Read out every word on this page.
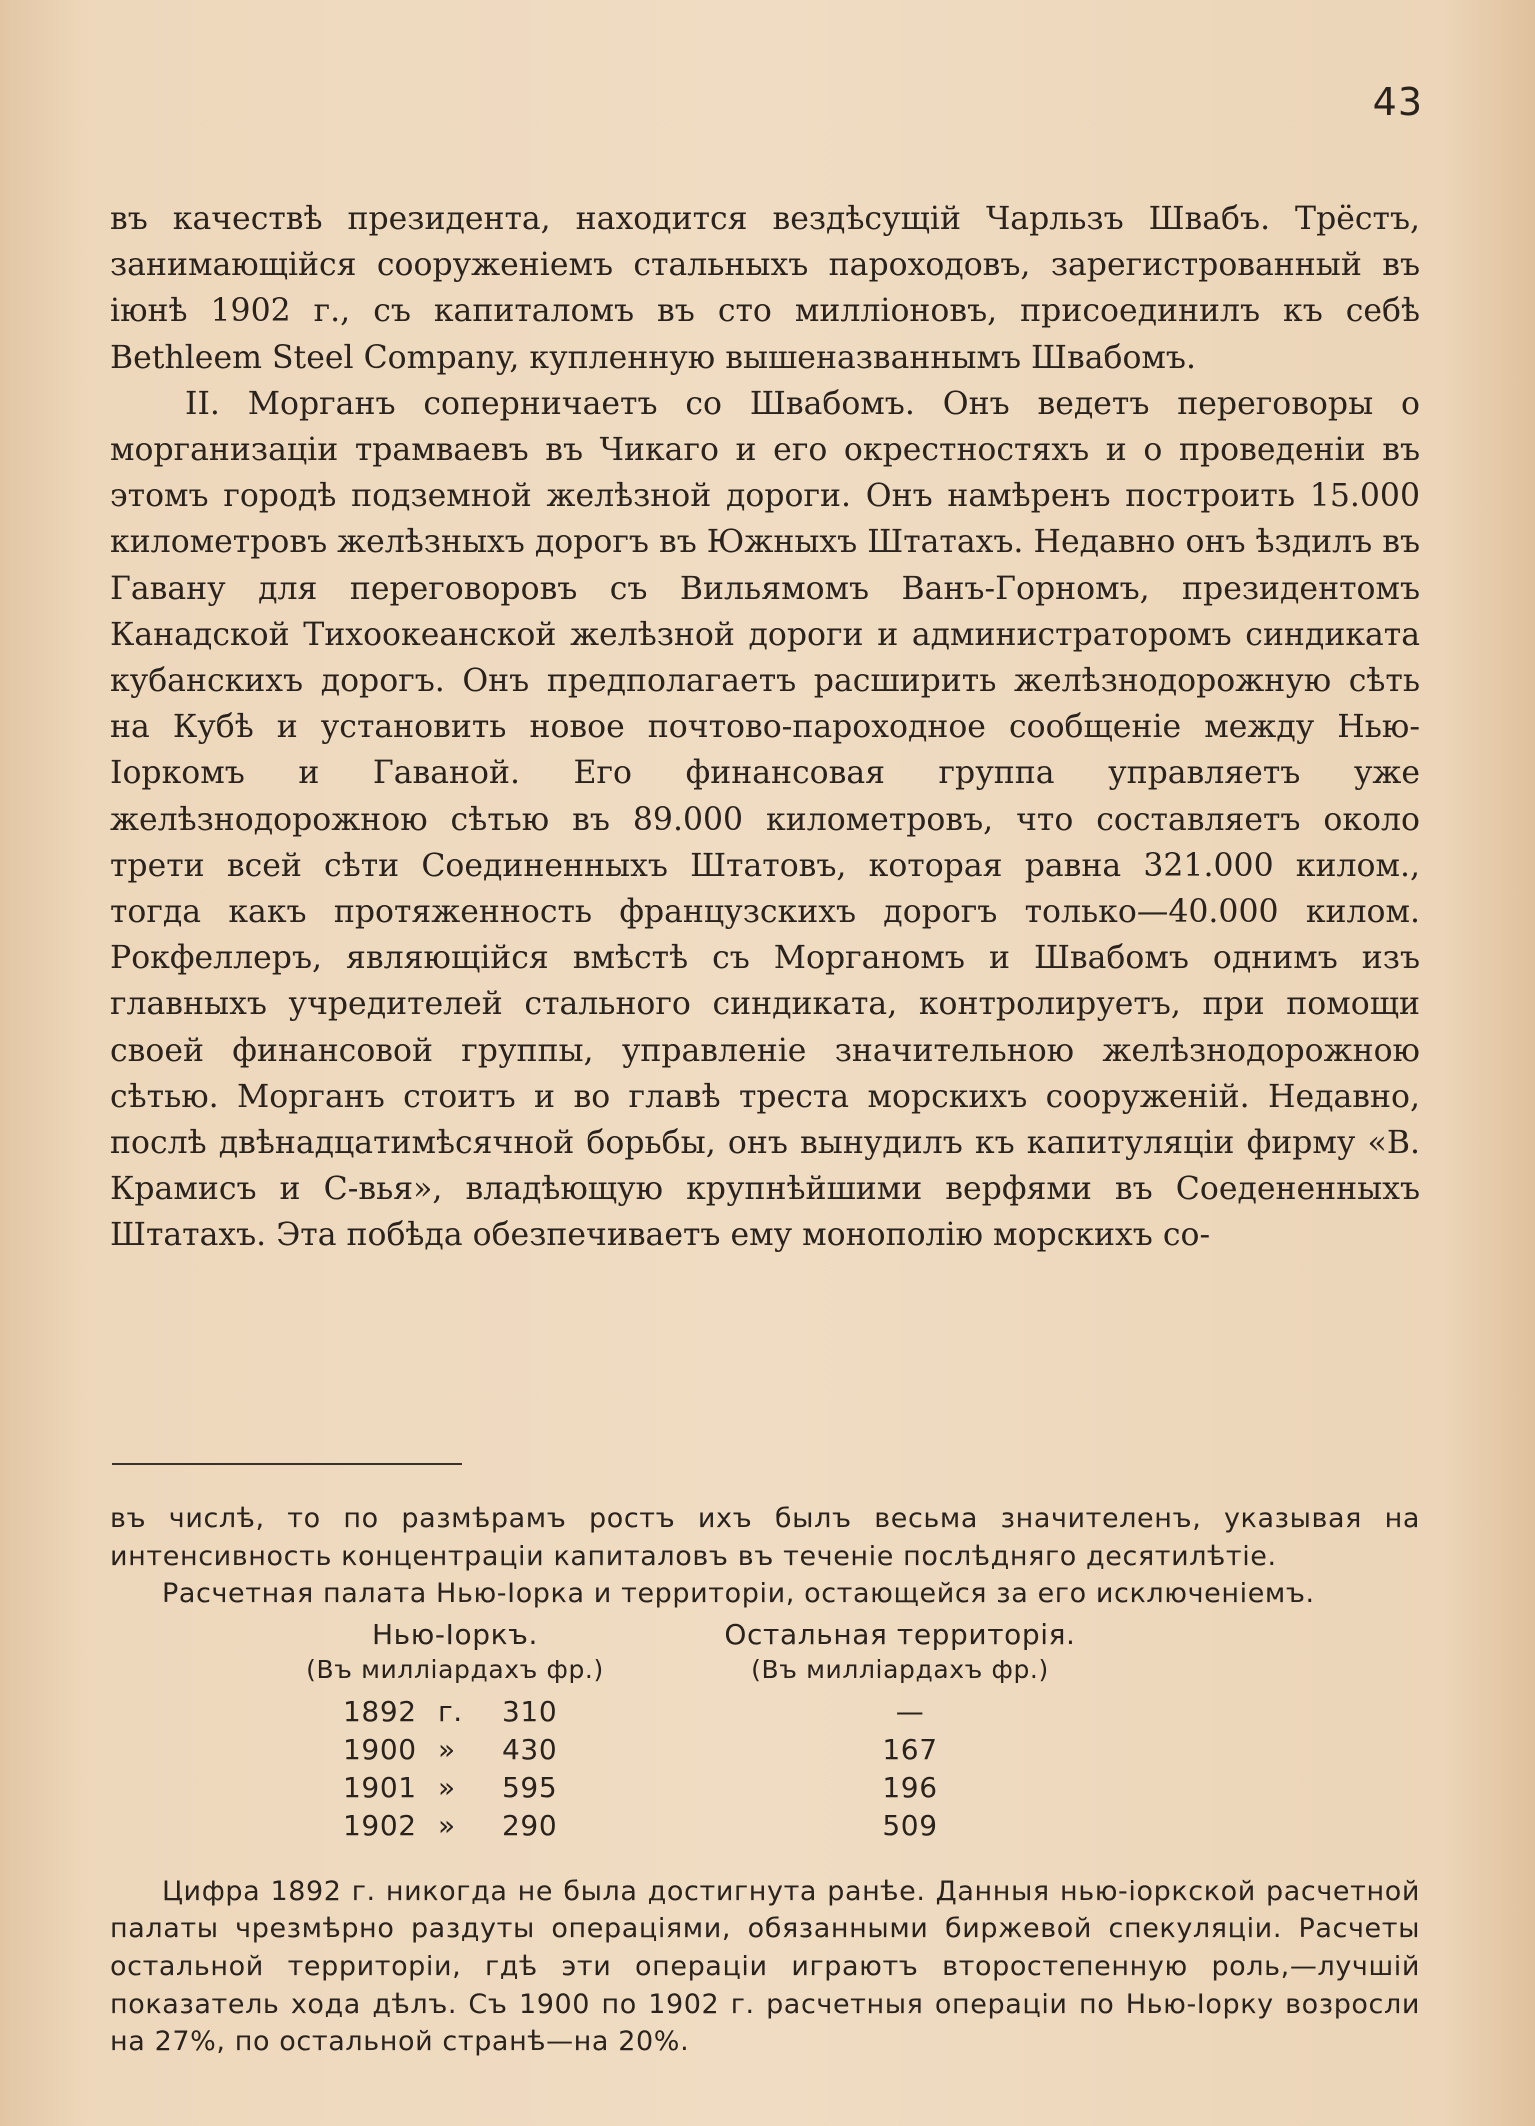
43

въ качествѣ президента, находится вездѣсущій Чарльзъ Швабъ. Трёстъ, занимающійся сооруженіемъ стальныхъ пароходовъ, зарегистрованный въ іюнѣ 1902 г., съ капиталомъ въ сто милліоновъ, присоединилъ къ себѣ Bethleem Steel Company, купленную вышеназваннымъ Швабомъ.

II. Морганъ соперничаетъ со Швабомъ. Онъ ведетъ переговоры о морганизаціи трамваевъ въ Чикаго и его окрестностяхъ и о проведеніи въ этомъ городѣ подземной желѣзной дороги. Онъ намѣренъ построить 15.000 километровъ желѣзныхъ дорогъ въ Южныхъ Штатахъ. Недавно онъ ѣздилъ въ Гавану для переговоровъ съ Вильямомъ Ванъ-Горномъ, президентомъ Канадской Тихоокеанской желѣзной дороги и администраторомъ синдиката кубанскихъ дорогъ. Онъ предполагаетъ расширить желѣзнодорожную сѣть на Кубѣ и установить новое почтово-пароходное сообщеніе между Нью-Іоркомъ и Гаваной. Его финансовая группа управляетъ уже желѣзнодорожною сѣтью въ 89.000 километровъ, что составляетъ около трети всей сѣти Соединенныхъ Штатовъ, которая равна 321.000 килом., тогда какъ протяженность французскихъ дорогъ только—40.000 килом. Рокфеллеръ, являющійся вмѣстѣ съ Морганомъ и Швабомъ однимъ изъ главныхъ учредителей стального синдиката, контролируетъ, при помощи своей финансовой группы, управленіе значительною желѣзнодорожною сѣтью. Морганъ стоитъ и во главѣ треста морскихъ сооруженій. Недавно, послѣ двѣнадцатимѣсячной борьбы, онъ вынудилъ къ капитуляціи фирму «В. Крамисъ и С-вья», владѣющую крупнѣйшими верфями въ Соедененныхъ Штатахъ. Эта побѣда обезпечиваетъ ему монополію морскихъ со-

въ числѣ, то по размѣрамъ ростъ ихъ былъ весьма значителенъ, указывая на интенсивность концентраціи капиталовъ въ теченіе послѣдняго десятилѣтіе.

Расчетная палата Нью-Іорка и территоріи, остающейся за его исключеніемъ.

Нью-Іоркъ.
(Въ милліардахъ фр.)
Остальная территорія.
(Въ милліардахъ фр.)
1892 г. 310	—
1900 » 430	167
1901 » 595	196
1902 » 290	509

Цифра 1892 г. никогда не была достигнута ранѣе. Данныя нью-іоркской расчетной палаты чрезмѣрно раздуты операціями, обязанными биржевой спекуляціи. Расчеты остальной территоріи, гдѣ эти операціи играютъ второстепенную роль,—лучшій показатель хода дѣлъ. Съ 1900 по 1902 г. расчетныя операціи по Нью-Іорку возросли на 27%, по остальной странѣ—на 20%.
